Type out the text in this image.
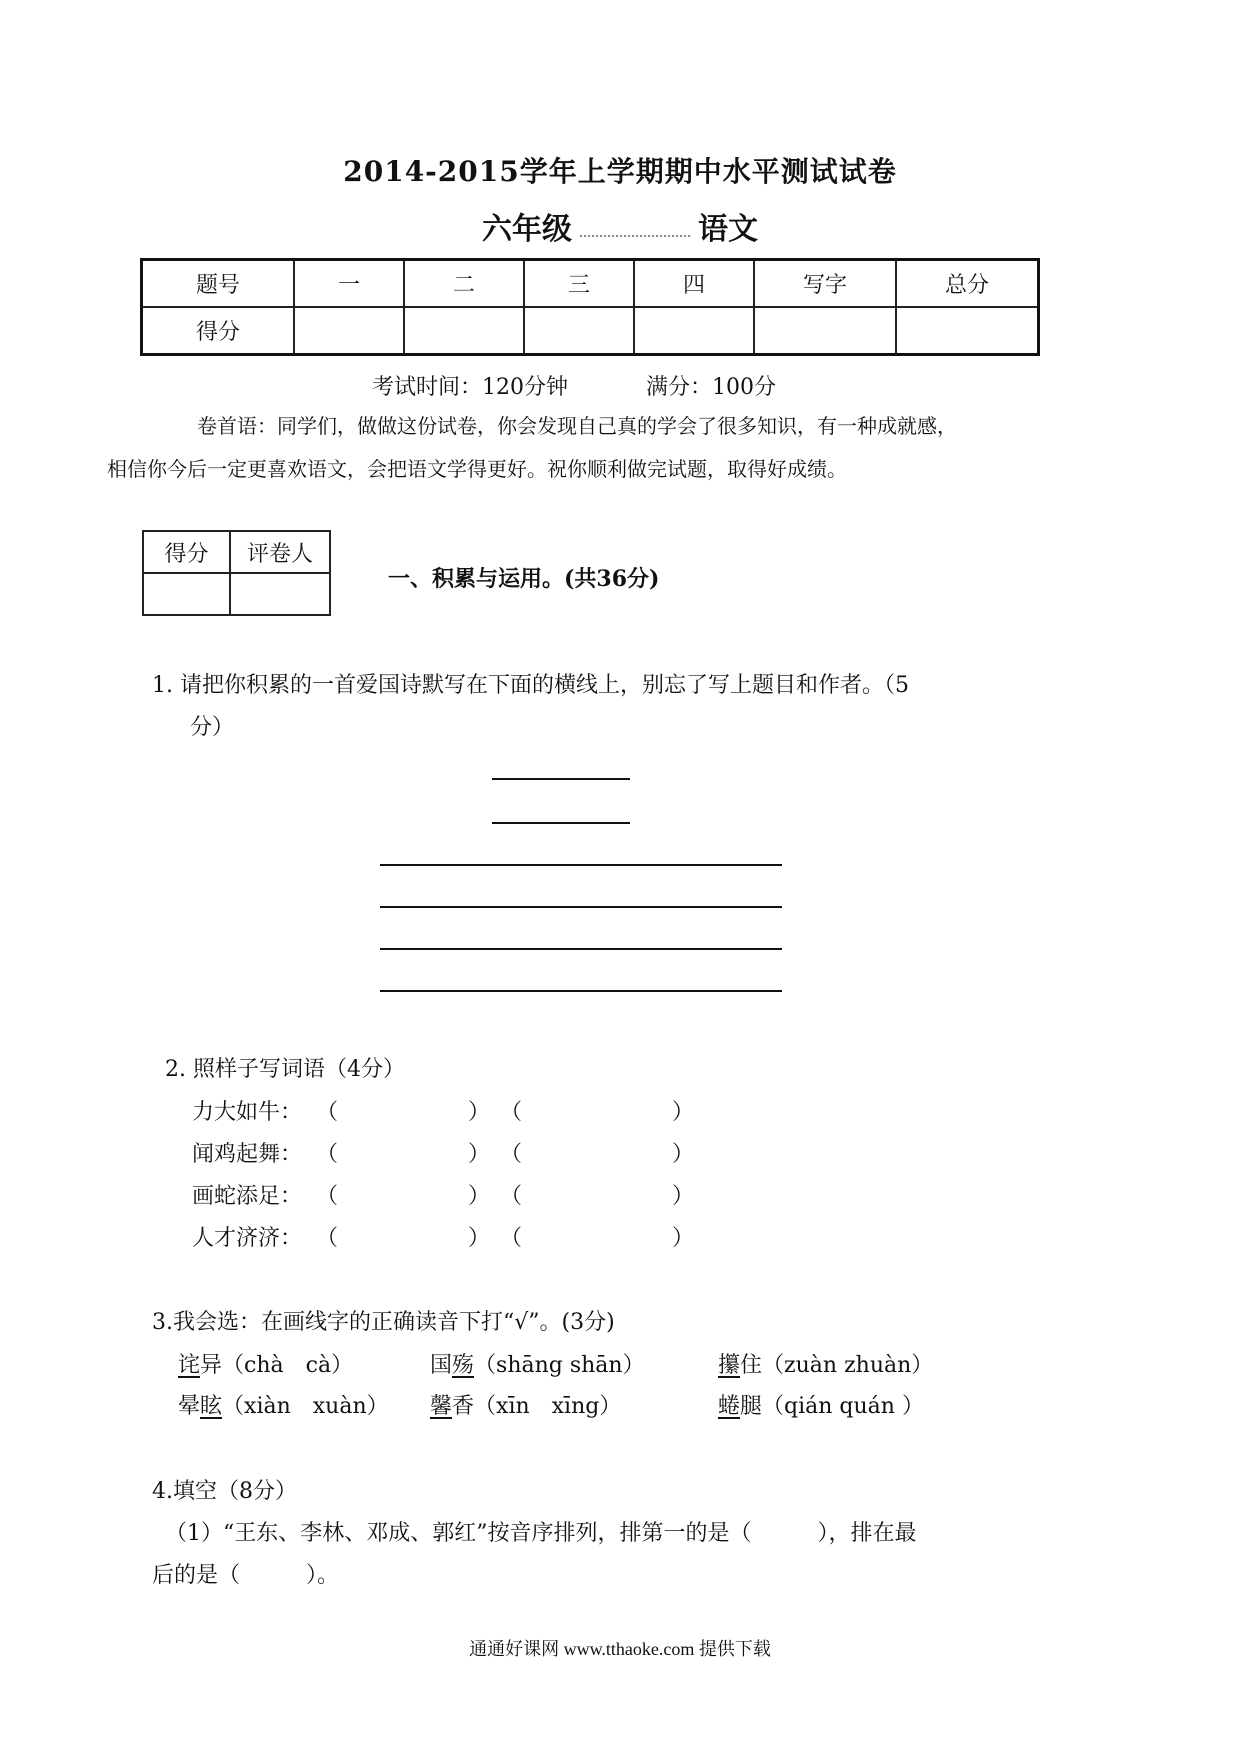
2014-2015学年上学期期中水平测试试卷
六年级	语文
题号	一	二	三	四	写字	总分
得分						
考试时间：120分钟	满分：100分
卷首语：同学们，做做这份试卷，你会发现自己真的学会了很多知识，有一种成就感，
相信你今后一定更喜欢语文，会把语文学得更好。祝你顺利做完试题，取得好成绩。
得分	评卷人

一、积累与运用。(共36分)
1. 请把你积累的一首爱国诗默写在下面的横线上，别忘了写上题目和作者。（5
分）
2. 照样子写词语（4分）
力大如牛： （	） （	）
闻鸡起舞： （	） （	）
画蛇添足： （	） （	）
人才济济： （	） （	）
3.我会选：在画线字的正确读音下打“√”。(3分)
诧异（chà　cà）	国殇（shāng shān）	攥住（zuàn zhuàn）
晕眩（xiàn　xuàn） 馨香（xīn　xīng）	蜷腿（qián quán ）
4.填空（8分）
（1）“王东、李林、邓成、郭红”按音序排列，排第一的是（　　　），排在最
后的是（　　　）。
通通好课网 www.tthaoke.com 提供下载
